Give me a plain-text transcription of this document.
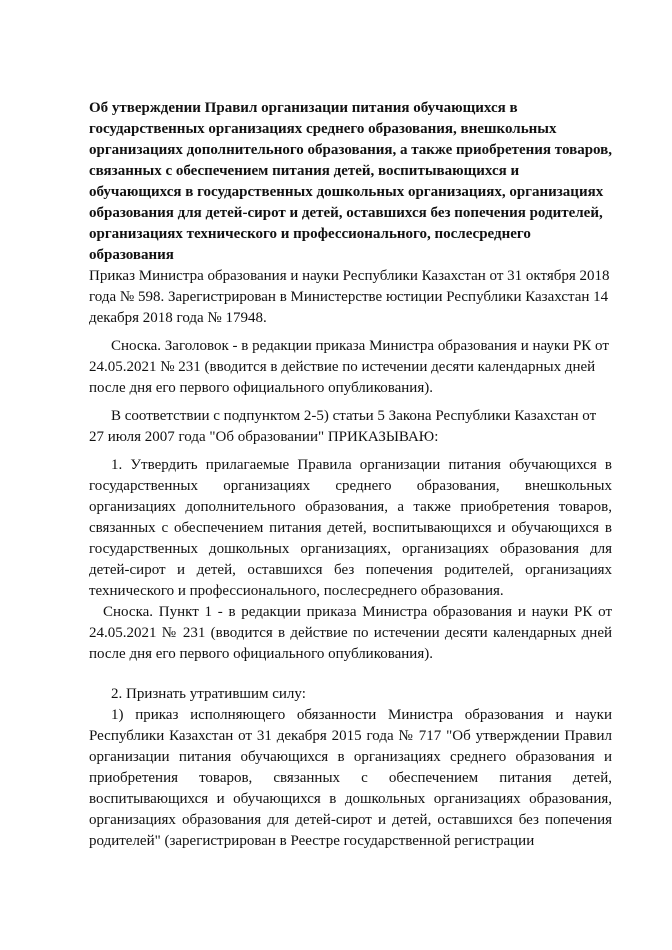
Об утверждении Правил организации питания обучающихся в государственных организациях среднего образования, внешкольных организациях дополнительного образования, а также приобретения товаров, связанных с обеспечением питания детей, воспитывающихся и обучающихся в государственных дошкольных организациях, организациях образования для детей-сирот и детей, оставшихся без попечения родителей, организациях технического и профессионального, послесреднего образования

Приказ Министра образования и науки Республики Казахстан от 31 октября 2018 года № 598. Зарегистрирован в Министерстве юстиции Республики Казахстан 14 декабря 2018 года № 17948.

Сноска. Заголовок - в редакции приказа Министра образования и науки РК от 24.05.2021 № 231 (вводится в действие по истечении десяти календарных дней после дня его первого официального опубликования).

В соответствии с подпунктом 2-5) статьи 5 Закона Республики Казахстан от 27 июля 2007 года "Об образовании" ПРИКАЗЫВАЮ:

1. Утвердить прилагаемые Правила организации питания обучающихся в государственных организациях среднего образования, внешкольных организациях дополнительного образования, а также приобретения товаров, связанных с обеспечением питания детей, воспитывающихся и обучающихся в государственных дошкольных организациях, организациях образования для детей-сирот и детей, оставшихся без попечения родителей, организациях технического и профессионального, послесреднего образования.

Сноска. Пункт 1 - в редакции приказа Министра образования и науки РК от 24.05.2021 № 231 (вводится в действие по истечении десяти календарных дней после дня его первого официального опубликования).

2. Признать утратившим силу:

1) приказ исполняющего обязанности Министра образования и науки Республики Казахстан от 31 декабря 2015 года № 717 "Об утверждении Правил организации питания обучающихся в организациях среднего образования и приобретения товаров, связанных с обеспечением питания детей, воспитывающихся и обучающихся в дошкольных организациях образования, организациях образования для детей-сирот и детей, оставшихся без попечения родителей" (зарегистрирован в Реестре государственной регистрации
